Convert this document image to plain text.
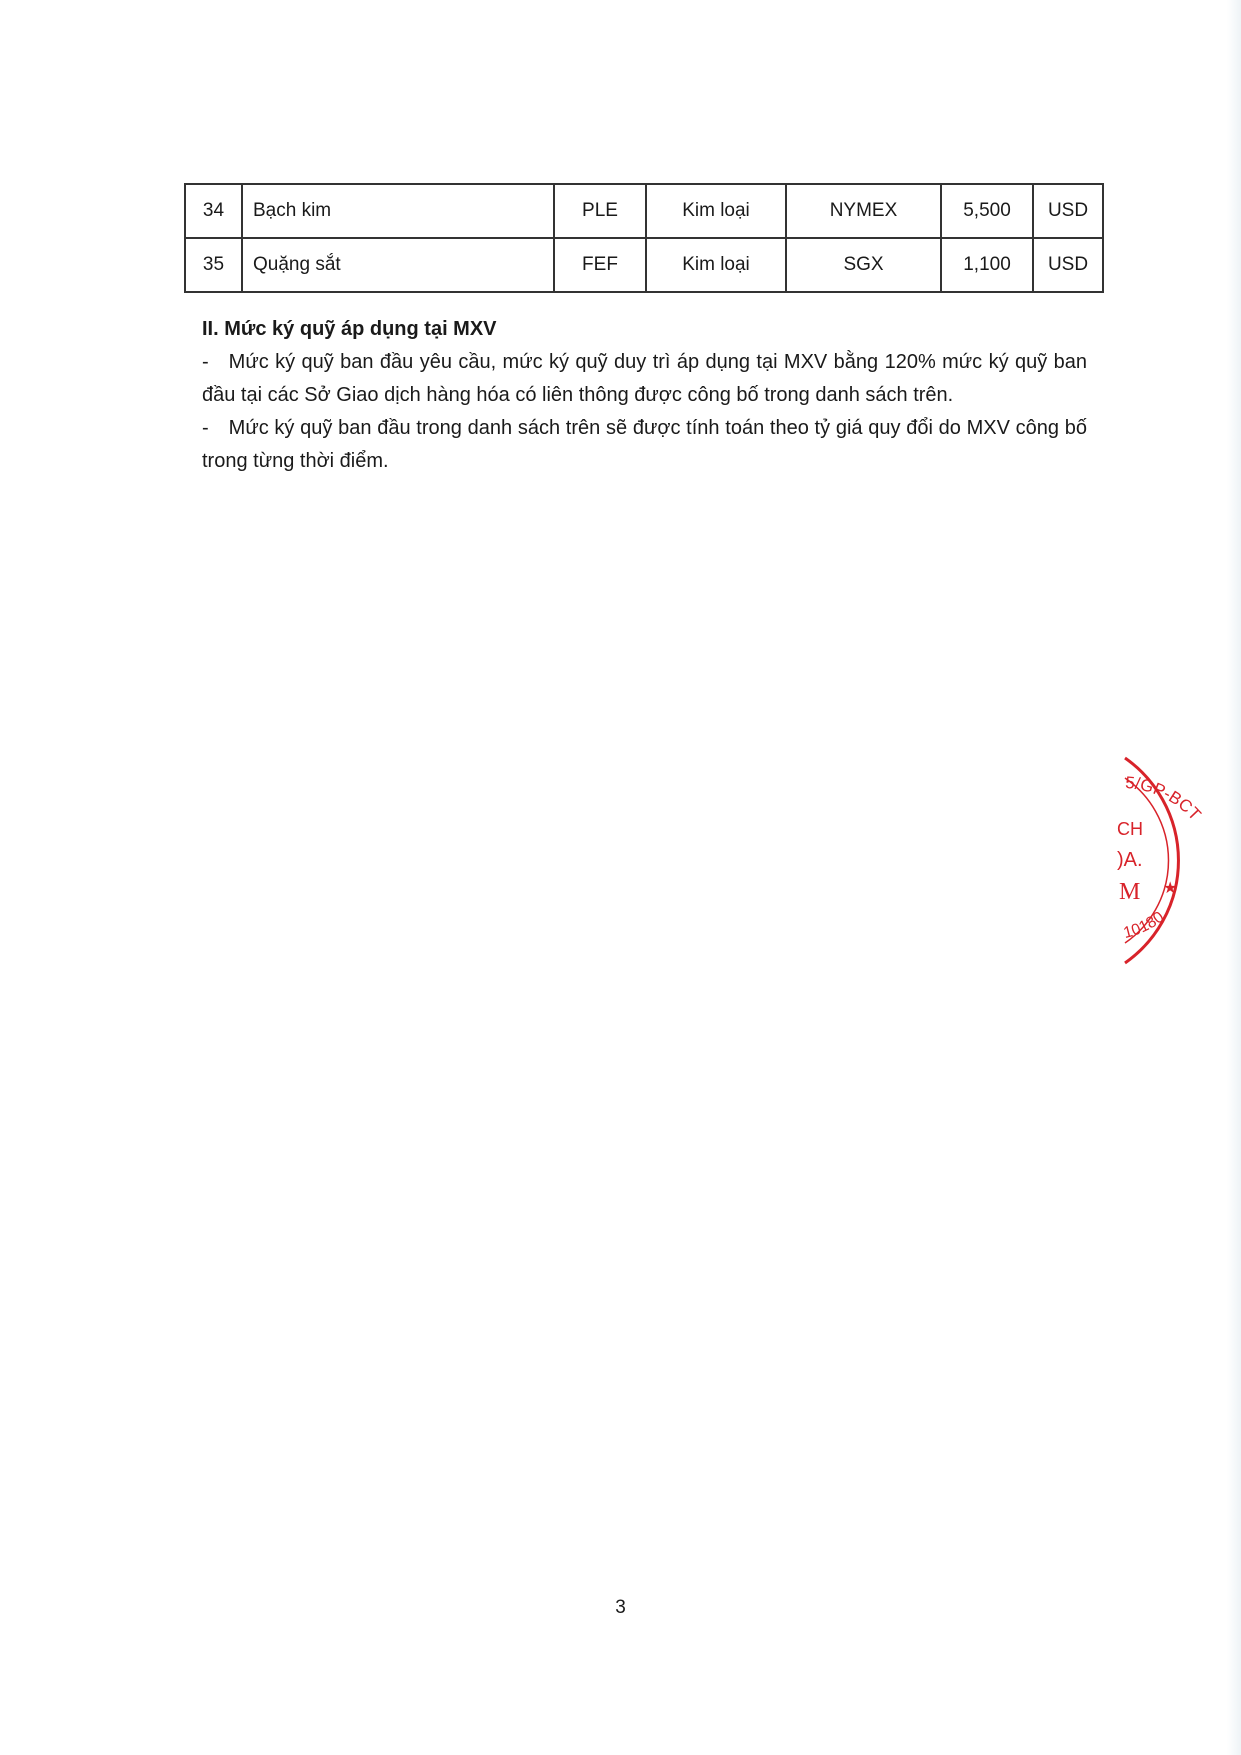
34	Bạch kim	PLE	Kim loại	NYMEX	5,500	USD
35	Quặng sắt	FEF	Kim loại	SGX	1,100	USD
II. Mức ký quỹ áp dụng tại MXV

- Mức ký quỹ ban đầu yêu cầu, mức ký quỹ duy trì áp dụng tại MXV bằng 120% mức ký quỹ ban đầu tại các Sở Giao dịch hàng hóa có liên thông được công bố trong danh sách trên.

- Mức ký quỹ ban đầu trong danh sách trên sẽ được tính toán theo tỷ giá quy đổi do MXV công bố trong từng thời điểm.

5/GP-BCT
10180
CH
)A.
M ★
3
